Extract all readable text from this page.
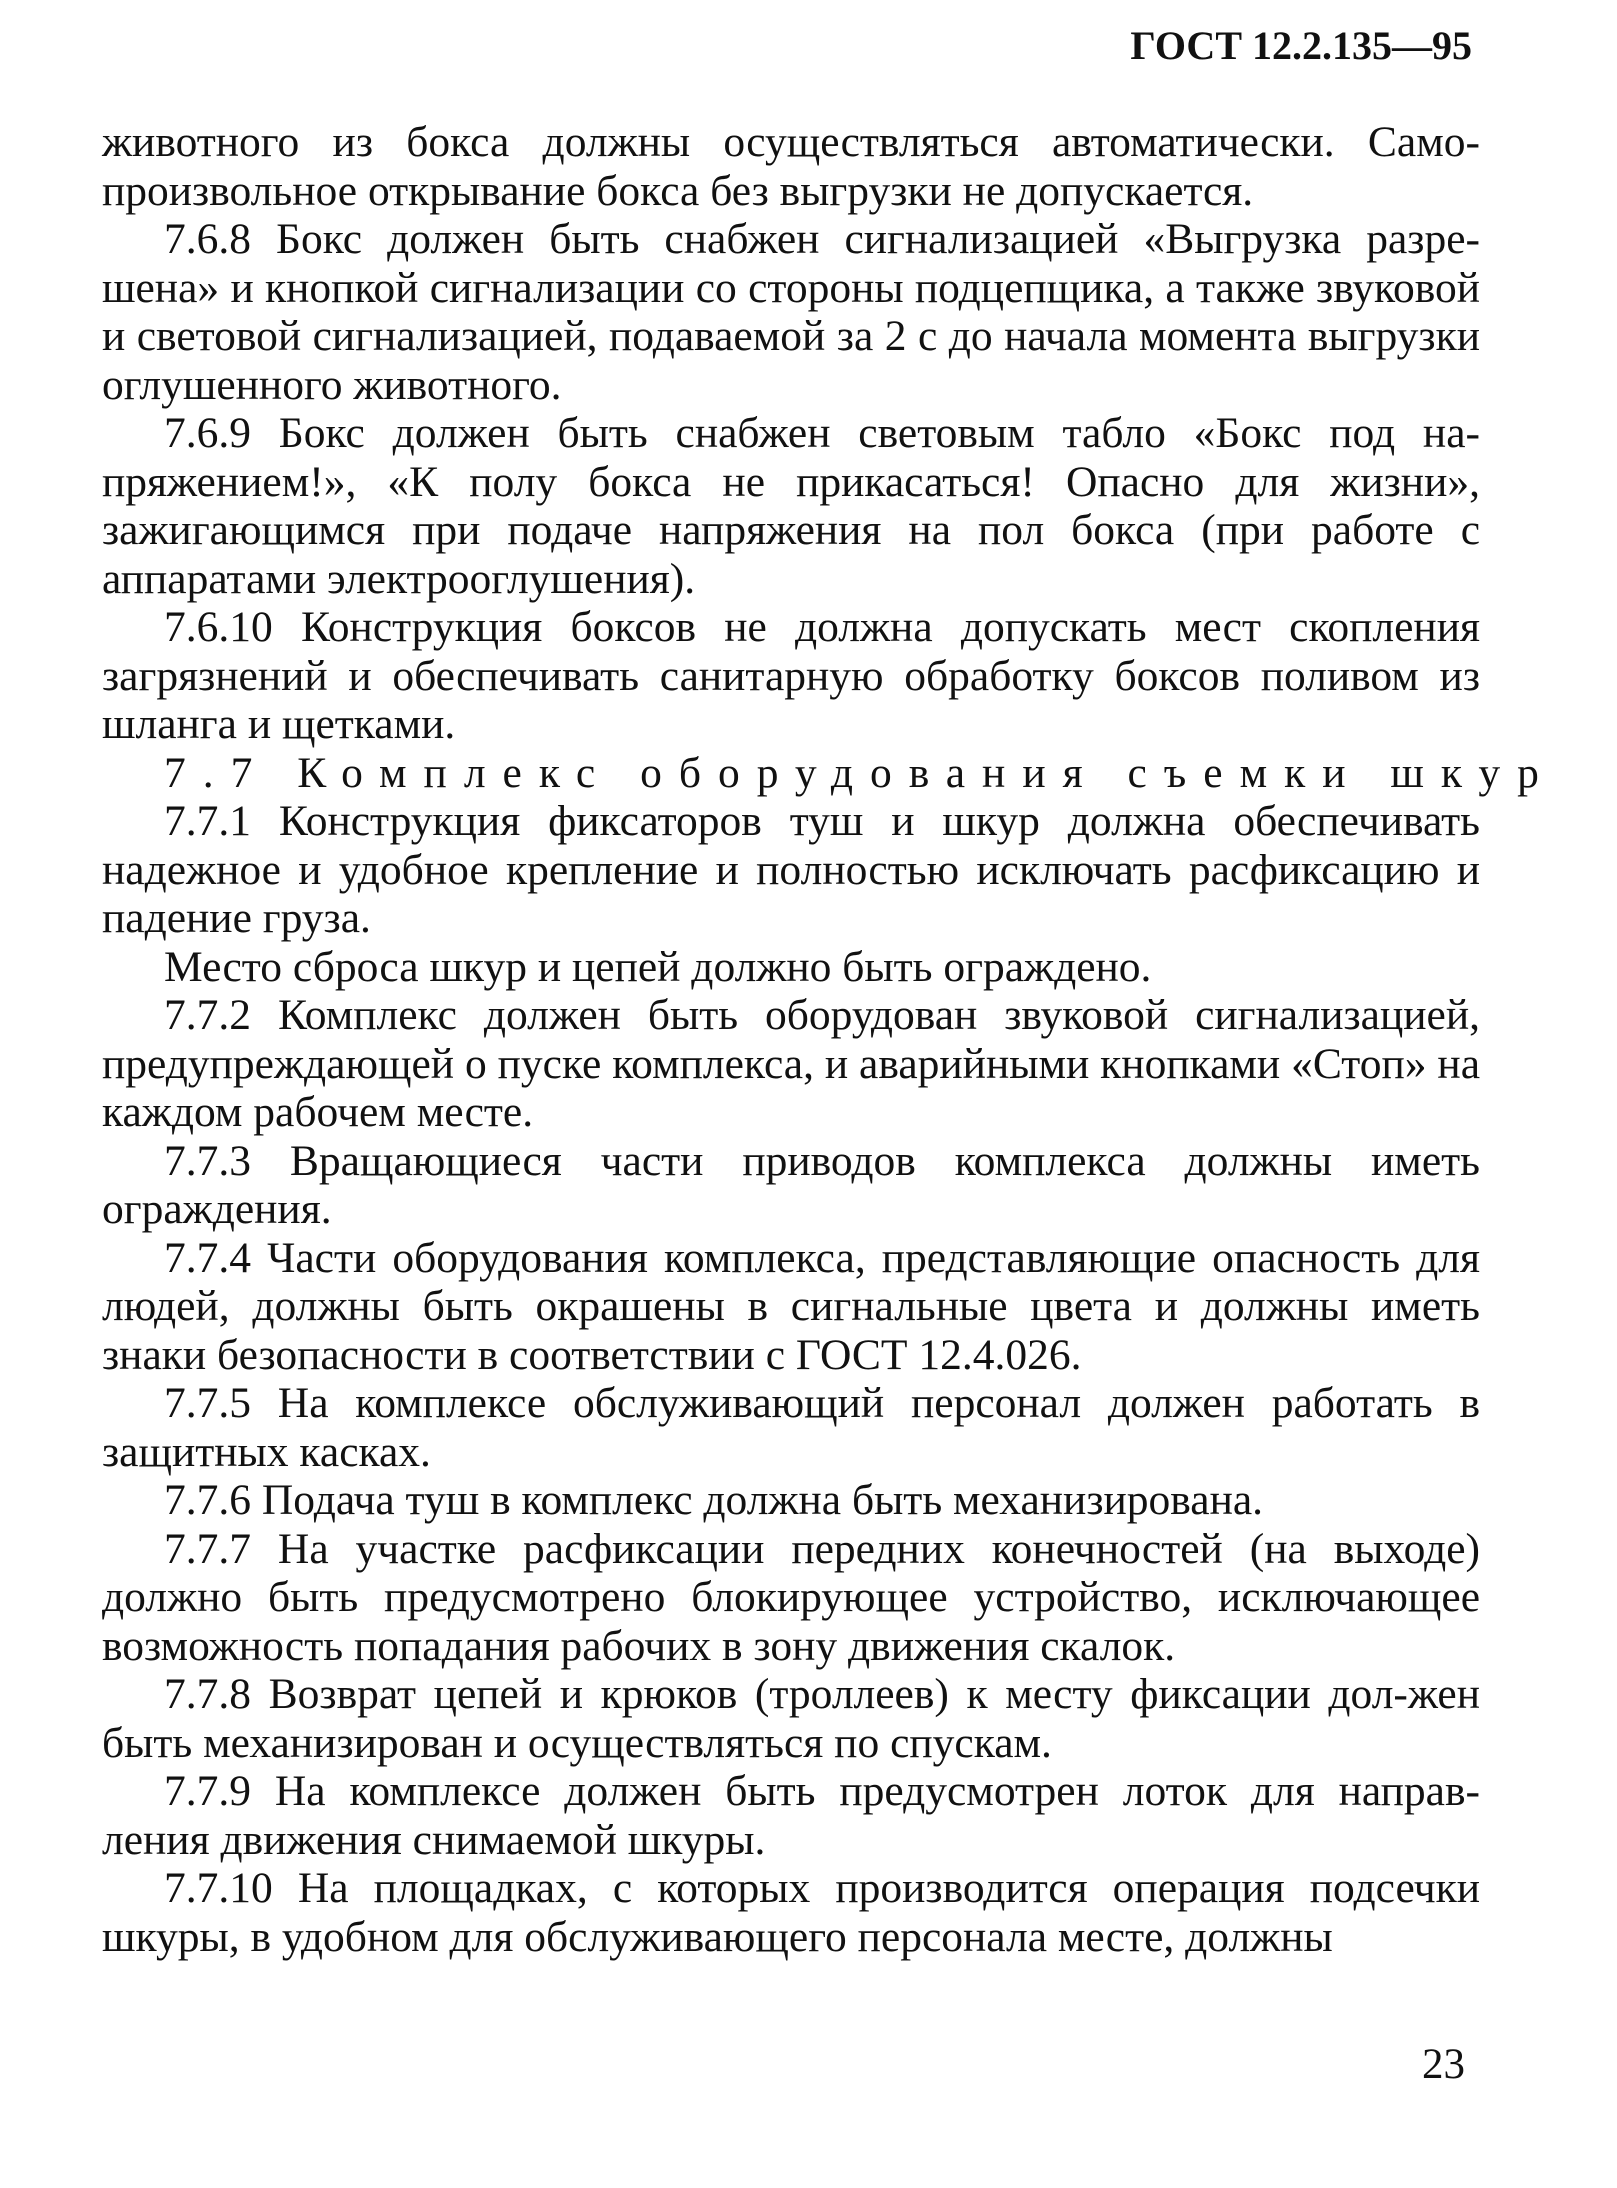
ГОСТ 12.2.135—95

животного из бокса должны осуществляться автоматически. Само-произвольное открывание бокса без выгрузки не допускается.

7.6.8 Бокс должен быть снабжен сигнализацией «Выгрузка разре-шена» и кнопкой сигнализации со стороны подцепщика, а также звуковой и световой сигнализацией, подаваемой за 2 с до начала момента выгрузки оглушенного животного.

7.6.9 Бокс должен быть снабжен световым табло «Бокс под на-пряжением!», «К полу бокса не прикасаться! Опасно для жизни», зажигающимся при подаче напряжения на пол бокса (при работе с аппаратами электрооглушения).

7.6.10 Конструкция боксов не должна допускать мест скопления загрязнений и обеспечивать санитарную обработку боксов поливом из шланга и щетками.

7.7 Комплекс оборудования съемки шкур

7.7.1 Конструкция фиксаторов туш и шкур должна обеспечивать надежное и удобное крепление и полностью исключать расфиксацию и падение груза.

Место сброса шкур и цепей должно быть ограждено.

7.7.2 Комплекс должен быть оборудован звуковой сигнализацией, предупреждающей о пуске комплекса, и аварийными кнопками «Стоп» на каждом рабочем месте.

7.7.3 Вращающиеся части приводов комплекса должны иметь ограждения.

7.7.4 Части оборудования комплекса, представляющие опасность для людей, должны быть окрашены в сигнальные цвета и должны иметь знаки безопасности в соответствии с ГОСТ 12.4.026.

7.7.5 На комплексе обслуживающий персонал должен работать в защитных касках.

7.7.6 Подача туш в комплекс должна быть механизирована.

7.7.7 На участке расфиксации передних конечностей (на выходе) должно быть предусмотрено блокирующее устройство, исключающее возможность попадания рабочих в зону движения скалок.

7.7.8 Возврат цепей и крюков (троллеев) к месту фиксации дол-жен быть механизирован и осуществляться по спускам.

7.7.9 На комплексе должен быть предусмотрен лоток для направ-ления движения снимаемой шкуры.

7.7.10 На площадках, с которых производится операция подсечки шкуры, в удобном для обслуживающего персонала месте, должны

23
